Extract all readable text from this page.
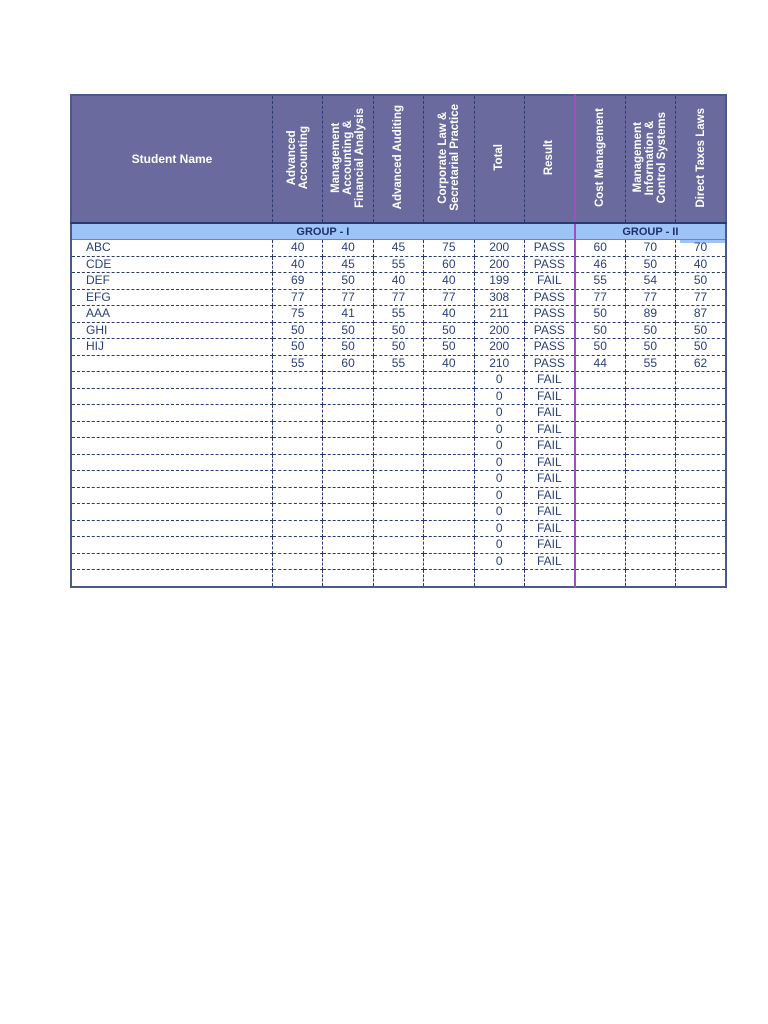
Student Name	Advanced
Accounting	Management
Accounting &
Financial Analysis	Advanced Auditing	Corporate Law &
Secretarial Practice	Total	Result	Cost Management	Management
Information &
Control Systems	Direct Taxes Laws
GROUP - I							GROUP - II		
ABC	40	40	45	75	200	PASS	60	70	70
CDE	40	45	55	60	200	PASS	46	50	40
DEF	69	50	40	40	199	FAIL	55	54	50
EFG	77	77	77	77	308	PASS	77	77	77
AAA	75	41	55	40	211	PASS	50	89	87
GHI	50	50	50	50	200	PASS	50	50	50
HIJ	50	50	50	50	200	PASS	50	50	50
	55	60	55	40	210	PASS	44	55	62
					0	FAIL			
					0	FAIL			
					0	FAIL			
					0	FAIL			
					0	FAIL			
					0	FAIL			
					0	FAIL			
					0	FAIL			
					0	FAIL			
					0	FAIL			
					0	FAIL			
					0	FAIL			
